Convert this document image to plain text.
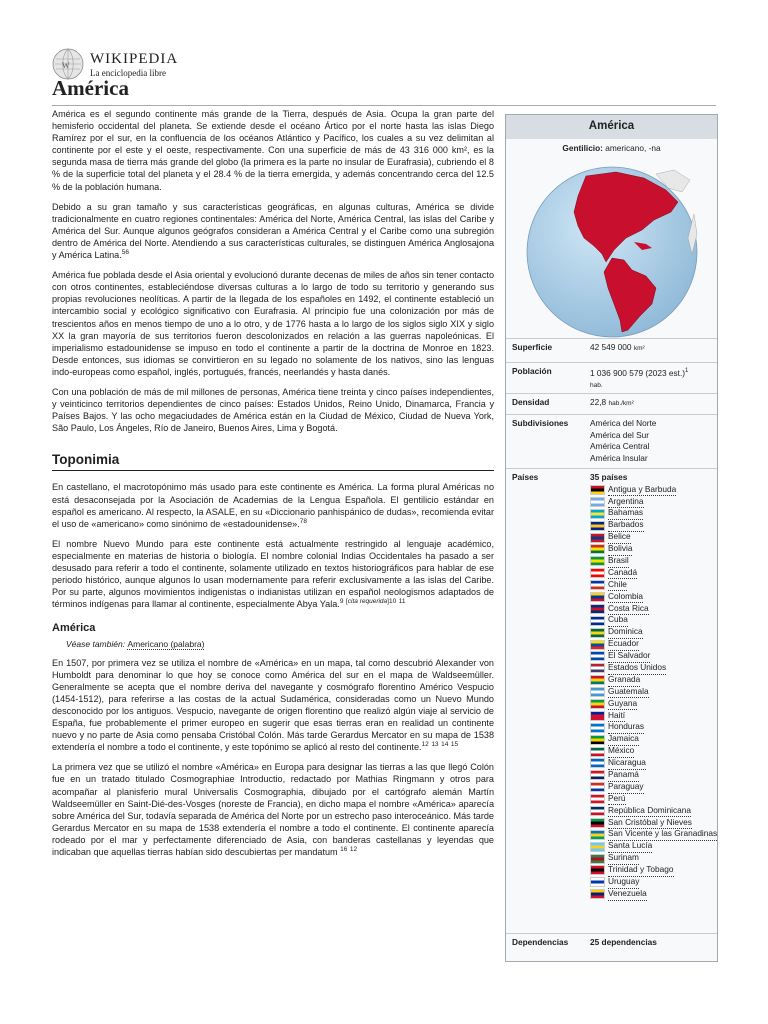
W WIKIPEDIA
La enciclopedia libre
América

América es el segundo continente más grande de la Tierra, después de Asia. Ocupa la gran parte del hemisferio occidental del planeta. Se extiende desde el océano Ártico por el norte hasta las islas Diego Ramírez por el sur, en la confluencia de los océanos Atlántico y Pacífico, los cuales a su vez delimitan al continente por el este y el oeste, respectivamente. Con una superficie de más de 43 316 000 km², es la segunda masa de tierra más grande del globo (la primera es la parte no insular de Eurafrasia), cubriendo el 8 % de la superficie total del planeta y el 28.4 % de la tierra emergida, y además concentrando cerca del 12.5 % de la población humana.

Debido a su gran tamaño y sus características geográficas, en algunas culturas, América se divide tradicionalmente en cuatro regiones continentales: América del Norte, América Central, las islas del Caribe y América del Sur. Aunque algunos geógrafos consideran a América Central y el Caribe como una subregión dentro de América del Norte. Atendiendo a sus características culturales, se distinguen América Anglosajona y América Latina.$^{56}$

América fue poblada desde el Asia oriental y evolucionó durante decenas de miles de años sin tener contacto con otros continentes, estableciéndose diversas culturas a lo largo de todo su territorio y generando sus propias revoluciones neolíticas. A partir de la llegada de los españoles en 1492, el continente estableció un intercambio social y ecológico significativo con Eurafrasia. Al principio fue una colonización por más de trescientos años en menos tiempo de uno a lo otro, y de 1776 hasta a lo largo de los siglos siglo XIX y siglo XX la gran mayoría de sus territorios fueron descolonizados en relación a las guerras napoleónicas. El imperialismo estadounidense se impuso en todo el continente a partir de la doctrina de Monroe en 1823. Desde entonces, sus idiomas se convirtieron en su legado no solamente de los nativos, sino las lenguas indo-europeas como español, inglés, portugués, francés, neerlandés y hasta danés.

Con una población de más de mil millones de personas, América tiene treinta y cinco países independientes, y veinticinco territorios dependientes de cinco países: Estados Unidos, Reino Unido, Dinamarca, Francia y Países Bajos. Y las ocho megaciudades de América están en la Ciudad de México, Ciudad de Nueva York, São Paulo, Los Ángeles, Río de Janeiro, Buenos Aires, Lima y Bogotá.

Toponimia

En castellano, el macrotopónimo más usado para este continente es América. La forma plural Américas no está desaconsejada por la Asociación de Academias de la Lengua Española. El gentilicio estándar en español es americano. Al respecto, la ASALE, en su «Diccionario panhispánico de dudas», recomienda evitar el uso de «americano» como sinónimo de «estadounidense».$^{78}$

El nombre Nuevo Mundo para este continente está actualmente restringido al lenguaje académico, especialmente en materias de historia o biología. El nombre colonial Indias Occidentales ha pasado a ser desusado para referir a todo el continente, solamente utilizado en textos historiográficos para hablar de ese periodo histórico, aunque algunos lo usan modernamente para referir exclusivamente a las islas del Caribe. Por su parte, algunos movimientos indigenistas o indianistas utilizan en español neologismos adaptados de términos indígenas para llamar al continente, especialmente Abya Yala.$^9$ $^{[cita requerida]10}$ $^{11}$

América
Véase también: Americano (palabra)

En 1507, por primera vez se utiliza el nombre de «América» en un mapa, tal como descubrió Alexander von Humboldt para denominar lo que hoy se conoce como América del sur en el mapa de Waldseemüller. Generalmente se acepta que el nombre deriva del navegante y cosmógrafo florentino Américo Vespucio (1454-1512), para referirse a las costas de la actual Sudamérica, consideradas como un Nuevo Mundo desconocido por los antiguos. Vespucio, navegante de origen florentino que realizó algún viaje al servicio de España, fue probablemente el primer europeo en sugerir que esas tierras eran en realidad un continente nuevo y no parte de Asia como pensaba Cristóbal Colón. Más tarde Gerardus Mercator en su mapa de 1538 extendería el nombre a todo el continente, y este topónimo se aplicó al resto del continente.$^{12}$ $^{13}$ $^{14}$ $^{15}$

La primera vez que se utilizó el nombre «América» en Europa para designar las tierras a las que llegó Colón fue en un tratado titulado Cosmographiae Introductio, redactado por Mathias Ringmann y otros para acompañar al planisferio mural Universalis Cosmographia, dibujado por el cartógrafo alemán Martín Waldseemüller en Saint-Dié-des-Vosges (noreste de Francia), en dicho mapa el nombre «América» aparecía sobre América del Sur, todavía separada de América del Norte por un estrecho paso interoceánico. Más tarde Gerardus Mercator en su mapa de 1538 extendería el nombre a todo el continente. El continente aparecía rodeado por el mar y perfectamente diferenciado de Asia, con banderas castellanas y leyendas que indicaban que aquellas tierras habían sido descubiertas per mandatum $^{16}$ $^{12}$

América
Gentilicio: americano, -na
Superficie	42 549 000 km²
Población	1 036 900 579 (2023 est.)$^1$
hab.
Densidad	22,8 hab./km²
Subdivisiones	América del Norte
América del Sur
América Central
América Insular
Países	35 países
Antigua y Barbuda
Argentina
Bahamas
Barbados
Belice
Bolivia
Brasil
Canadá
Chile
Colombia
Costa Rica
Cuba
Dominica
Ecuador
El Salvador
Estados Unidos
Granada
Guatemala
Guyana
Haití
Honduras
Jamaica
México
Nicaragua
Panamá
Paraguay
Perú
República Dominicana
San Cristóbal y Nieves
San Vicente y las Granadinas
Santa Lucía
Surinam
Trinidad y Tobago
Uruguay
Venezuela
Dependencias	25 dependencias
